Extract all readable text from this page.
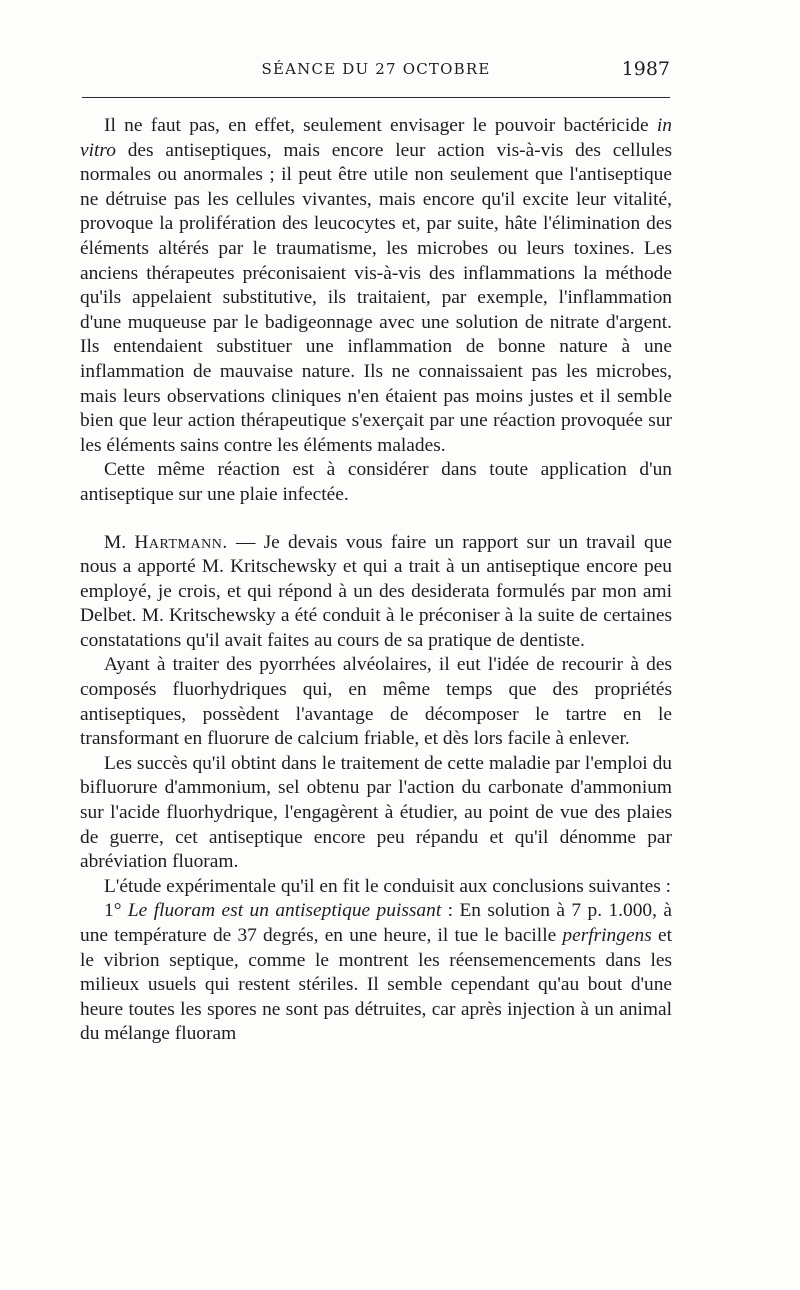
SÉANCE DU 27 OCTOBRE	1987

Il ne faut pas, en effet, seulement envisager le pouvoir bactéricide in vitro des antiseptiques, mais encore leur action vis-à-vis des cellules normales ou anormales ; il peut être utile non seulement que l'antiseptique ne détruise pas les cellules vivantes, mais encore qu'il excite leur vitalité, provoque la prolifération des leucocytes et, par suite, hâte l'élimination des éléments altérés par le traumatisme, les microbes ou leurs toxines. Les anciens thérapeutes préconisaient vis-à-vis des inflammations la méthode qu'ils appelaient substitutive, ils traitaient, par exemple, l'inflammation d'une muqueuse par le badigeonnage avec une solution de nitrate d'argent. Ils entendaient substituer une inflammation de bonne nature à une inflammation de mauvaise nature. Ils ne connaissaient pas les microbes, mais leurs observations cliniques n'en étaient pas moins justes et il semble bien que leur action thérapeutique s'exerçait par une réaction provoquée sur les éléments sains contre les éléments malades.

Cette même réaction est à considérer dans toute application d'un antiseptique sur une plaie infectée.

M. Hartmann. — Je devais vous faire un rapport sur un travail que nous a apporté M. Kritschewsky et qui a trait à un antiseptique encore peu employé, je crois, et qui répond à un des desiderata formulés par mon ami Delbet. M. Kritschewsky a été conduit à le préconiser à la suite de certaines constatations qu'il avait faites au cours de sa pratique de dentiste.

Ayant à traiter des pyorrhées alvéolaires, il eut l'idée de recourir à des composés fluorhydriques qui, en même temps que des propriétés antiseptiques, possèdent l'avantage de décomposer le tartre en le transformant en fluorure de calcium friable, et dès lors facile à enlever.

Les succès qu'il obtint dans le traitement de cette maladie par l'emploi du bifluorure d'ammonium, sel obtenu par l'action du carbonate d'ammonium sur l'acide fluorhydrique, l'engagèrent à étudier, au point de vue des plaies de guerre, cet antiseptique encore peu répandu et qu'il dénomme par abréviation fluoram.

L'étude expérimentale qu'il en fit le conduisit aux conclusions suivantes :

1° Le fluoram est un antiseptique puissant : En solution à 7 p. 1.000, à une température de 37 degrés, en une heure, il tue le bacille perfringens et le vibrion septique, comme le montrent les réensemencements dans les milieux usuels qui restent stériles. Il semble cependant qu'au bout d'une heure toutes les spores ne sont pas détruites, car après injection à un animal du mélange fluoram
